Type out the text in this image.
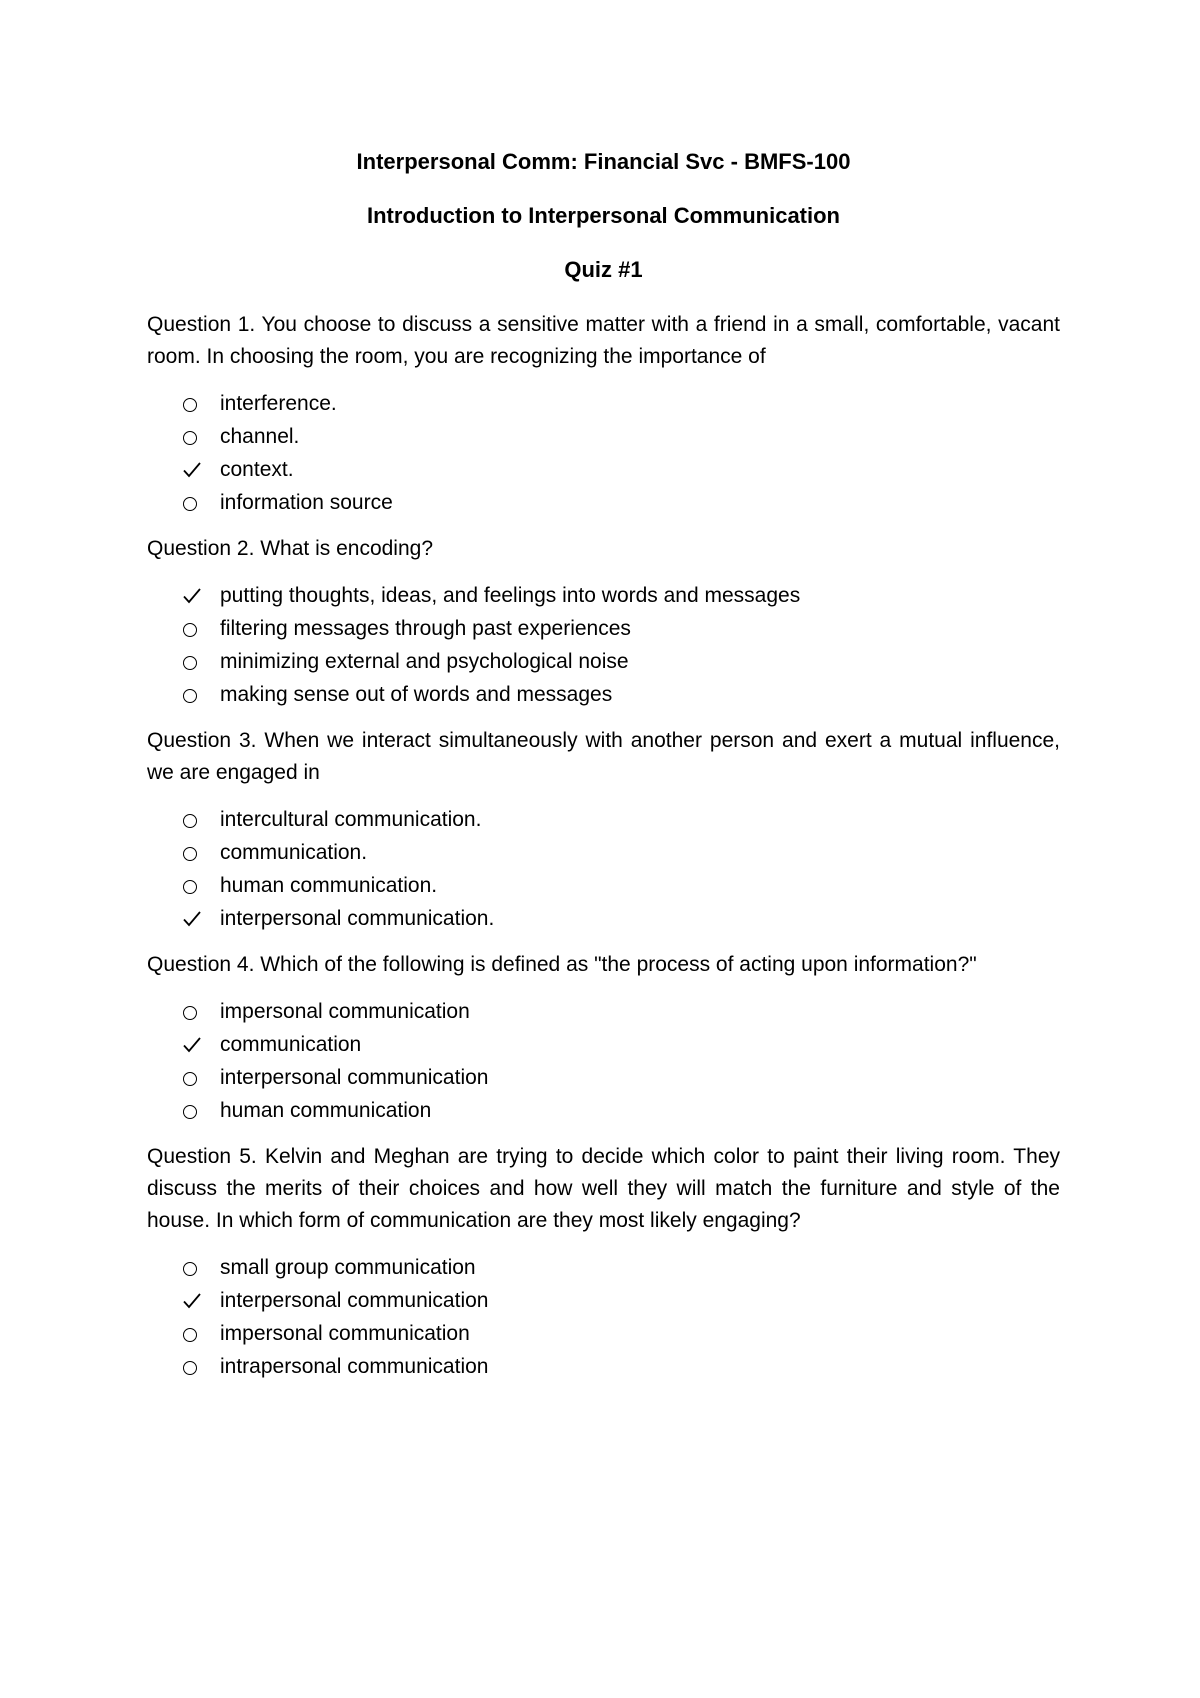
Interpersonal Comm: Financial Svc - BMFS-100

Introduction to Interpersonal Communication

Quiz #1

Question 1. You choose to discuss a sensitive matter with a friend in a small, comfortable, vacant room. In choosing the room, you are recognizing the importance of

interference.
channel.
context.
information source

Question 2. What is encoding?

putting thoughts, ideas, and feelings into words and messages
filtering messages through past experiences
minimizing external and psychological noise
making sense out of words and messages

Question 3. When we interact simultaneously with another person and exert a mutual influence, we are engaged in

intercultural communication.
communication.
human communication.
interpersonal communication.

Question 4. Which of the following is defined as "the process of acting upon information?"

impersonal communication
communication
interpersonal communication
human communication

Question 5. Kelvin and Meghan are trying to decide which color to paint their living room. They discuss the merits of their choices and how well they will match the furniture and style of the house. In which form of communication are they most likely engaging?

small group communication
interpersonal communication
impersonal communication
intrapersonal communication
